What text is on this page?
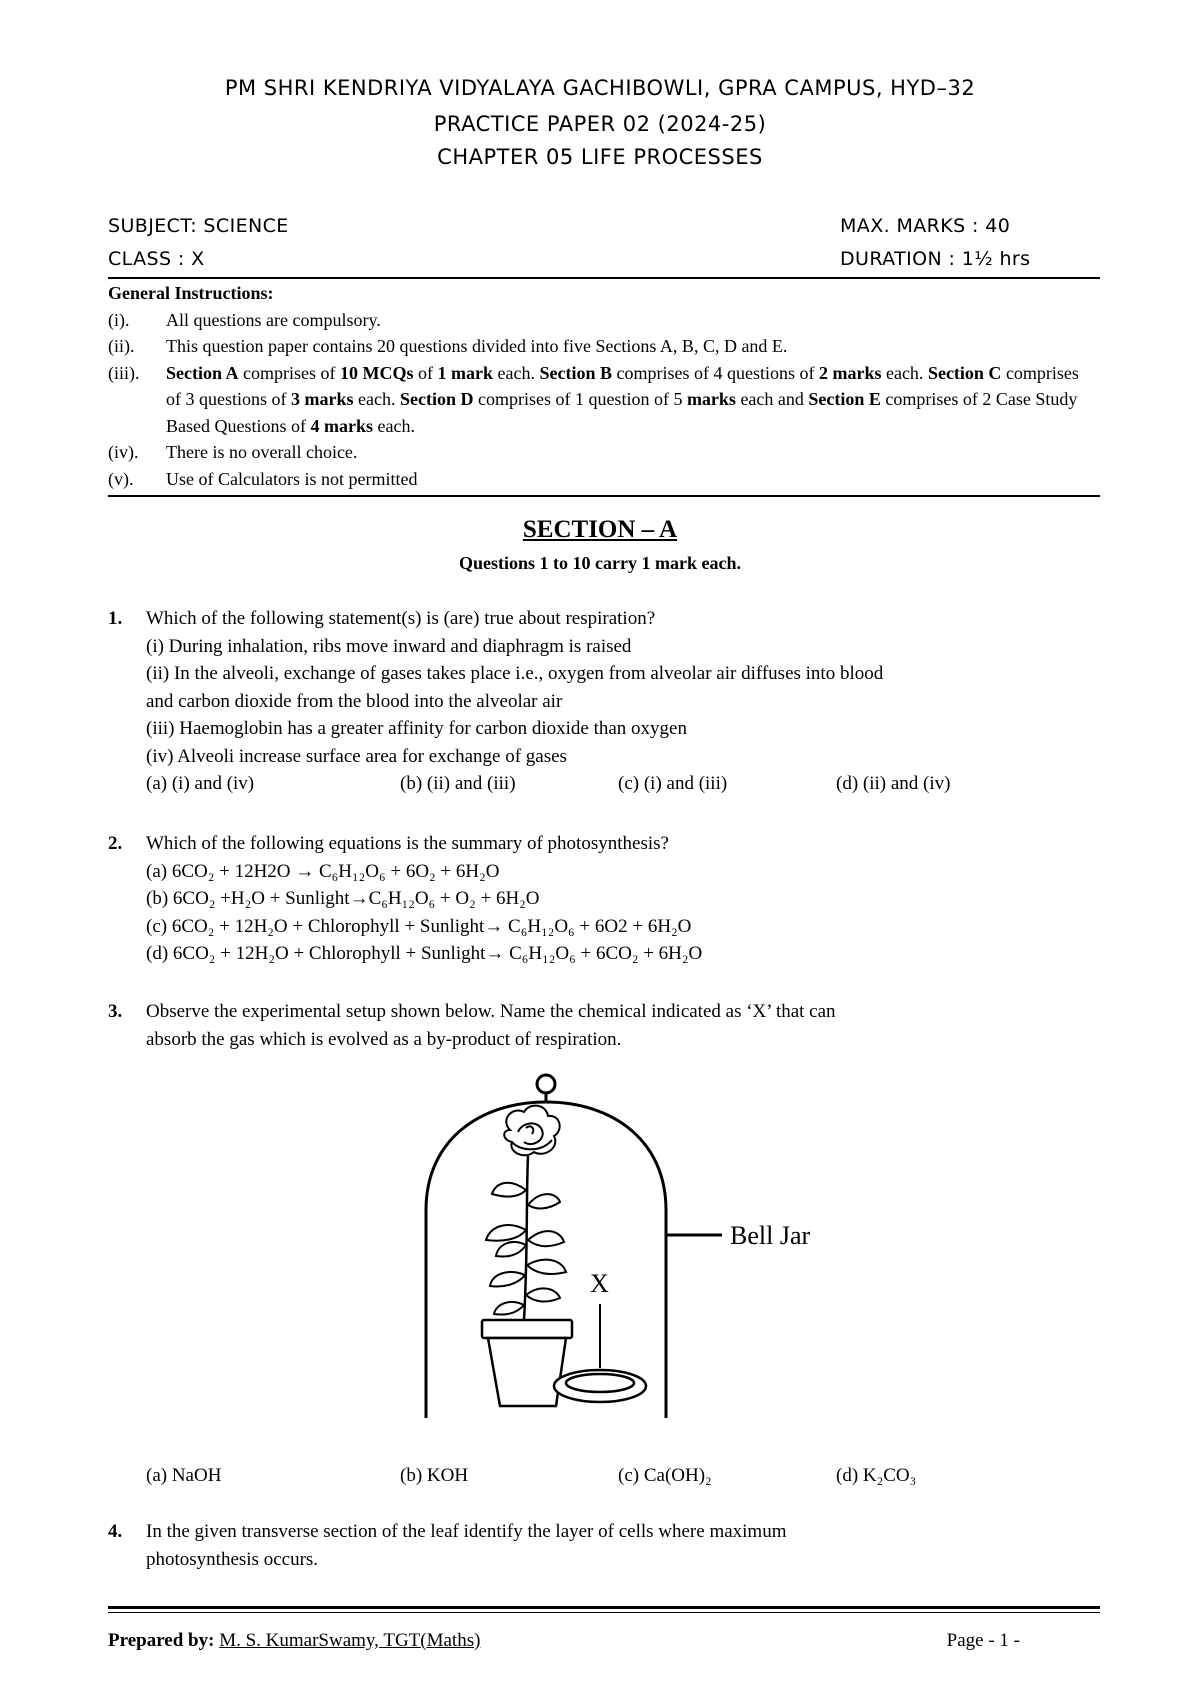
PM SHRI KENDRIYA VIDYALAYA GACHIBOWLI, GPRA CAMPUS, HYD–32
PRACTICE PAPER 02 (2024-25)
CHAPTER 05 LIFE PROCESSES
SUBJECT: SCIENCE	MAX. MARKS : 40
CLASS : X	DURATION : 1½ hrs
General Instructions:
(i).	All questions are compulsory.
(ii).	This question paper contains 20 questions divided into five Sections A, B, C, D and E.
(iii).	Section A comprises of 10 MCQs of 1 mark each. Section B comprises of 4 questions of 2 marks each. Section C comprises of 3 questions of 3 marks each. Section D comprises of 1 question of 5 marks each and Section E comprises of 2 Case Study Based Questions of 4 marks each.
(iv).	There is no overall choice.
(v).	Use of Calculators is not permitted
SECTION – A
Questions 1 to 10 carry 1 mark each.
1. Which of the following statement(s) is (are) true about respiration?
(i) During inhalation, ribs move inward and diaphragm is raised
(ii) In the alveoli, exchange of gases takes place i.e., oxygen from alveolar air diffuses into blood
and carbon dioxide from the blood into the alveolar air
(iii) Haemoglobin has a greater affinity for carbon dioxide than oxygen
(iv) Alveoli increase surface area for exchange of gases
(a) (i) and (iv)	(b) (ii) and (iii)	(c) (i) and (iii)	(d) (ii) and (iv)
2. Which of the following equations is the summary of photosynthesis?
(a) 6CO₂ + 12H2O → C₆H₁₂O₆ + 6O₂ + 6H₂O
(b) 6CO₂ +H₂O + Sunlight→C₆H₁₂O₆ + O₂ + 6H₂O
(c) 6CO₂ + 12H₂O + Chlorophyll + Sunlight→ C₆H₁₂O₆ + 6O2 + 6H₂O
(d) 6CO₂ + 12H₂O + Chlorophyll + Sunlight→ C₆H₁₂O₆ + 6CO₂ + 6H₂O
3. Observe the experimental setup shown below. Name the chemical indicated as ‘X’ that can
absorb the gas which is evolved as a by-product of respiration.
Bell Jar
X
(a) NaOH	(b) KOH	(c) Ca(OH)₂	(d) K₂CO₃
4. In the given transverse section of the leaf identify the layer of cells where maximum
photosynthesis occurs.
Prepared by: M. S. KumarSwamy, TGT(Maths)	Page - 1 -
